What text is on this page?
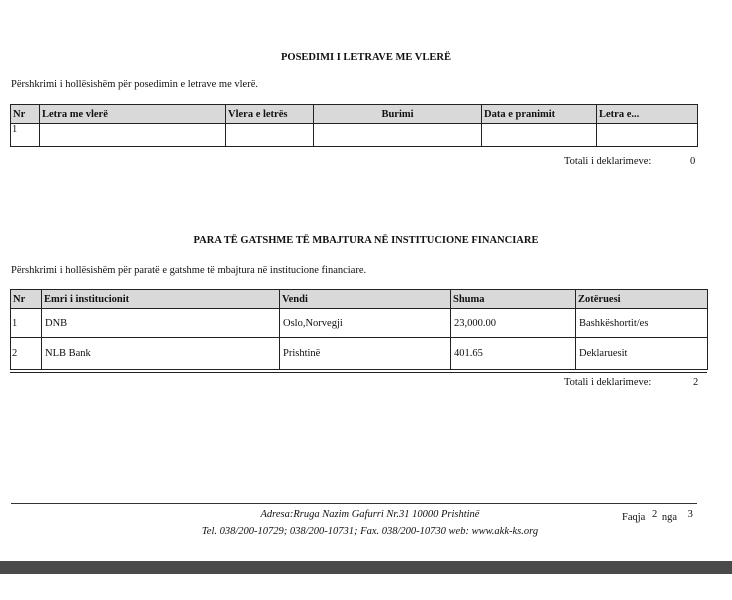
POSEDIMI I LETRAVE ME VLERË
Përshkrimi i hollësishëm për posedimin e letrave me vlerë.
Nr	Letra me vlerë	Vlera e letrës	Burimi	Data e pranimit	Letra e...
1					
Totali i deklarimeve:	0
PARA TË GATSHME TË MBAJTURA NË INSTITUCIONE FINANCIARE
Përshkrimi i hollësishëm për paratë e gatshme të mbajtura në institucione financiare.
Nr	Emri i institucionit	Vendi	Shuma	Zotëruesi
1	DNB	Oslo,Norvegji	23,000.00	Bashkëshortit/es
2	NLB Bank	Prishtinë	401.65	Deklaruesit
Totali i deklarimeve:	2
Adresa:Rruga Nazim Gafurri Nr.31 10000 Prishtinë
Tel. 038/200-10729; 038/200-10731; Fax. 038/200-10730 web: www.akk-ks.org
Faqja 2 nga 3
